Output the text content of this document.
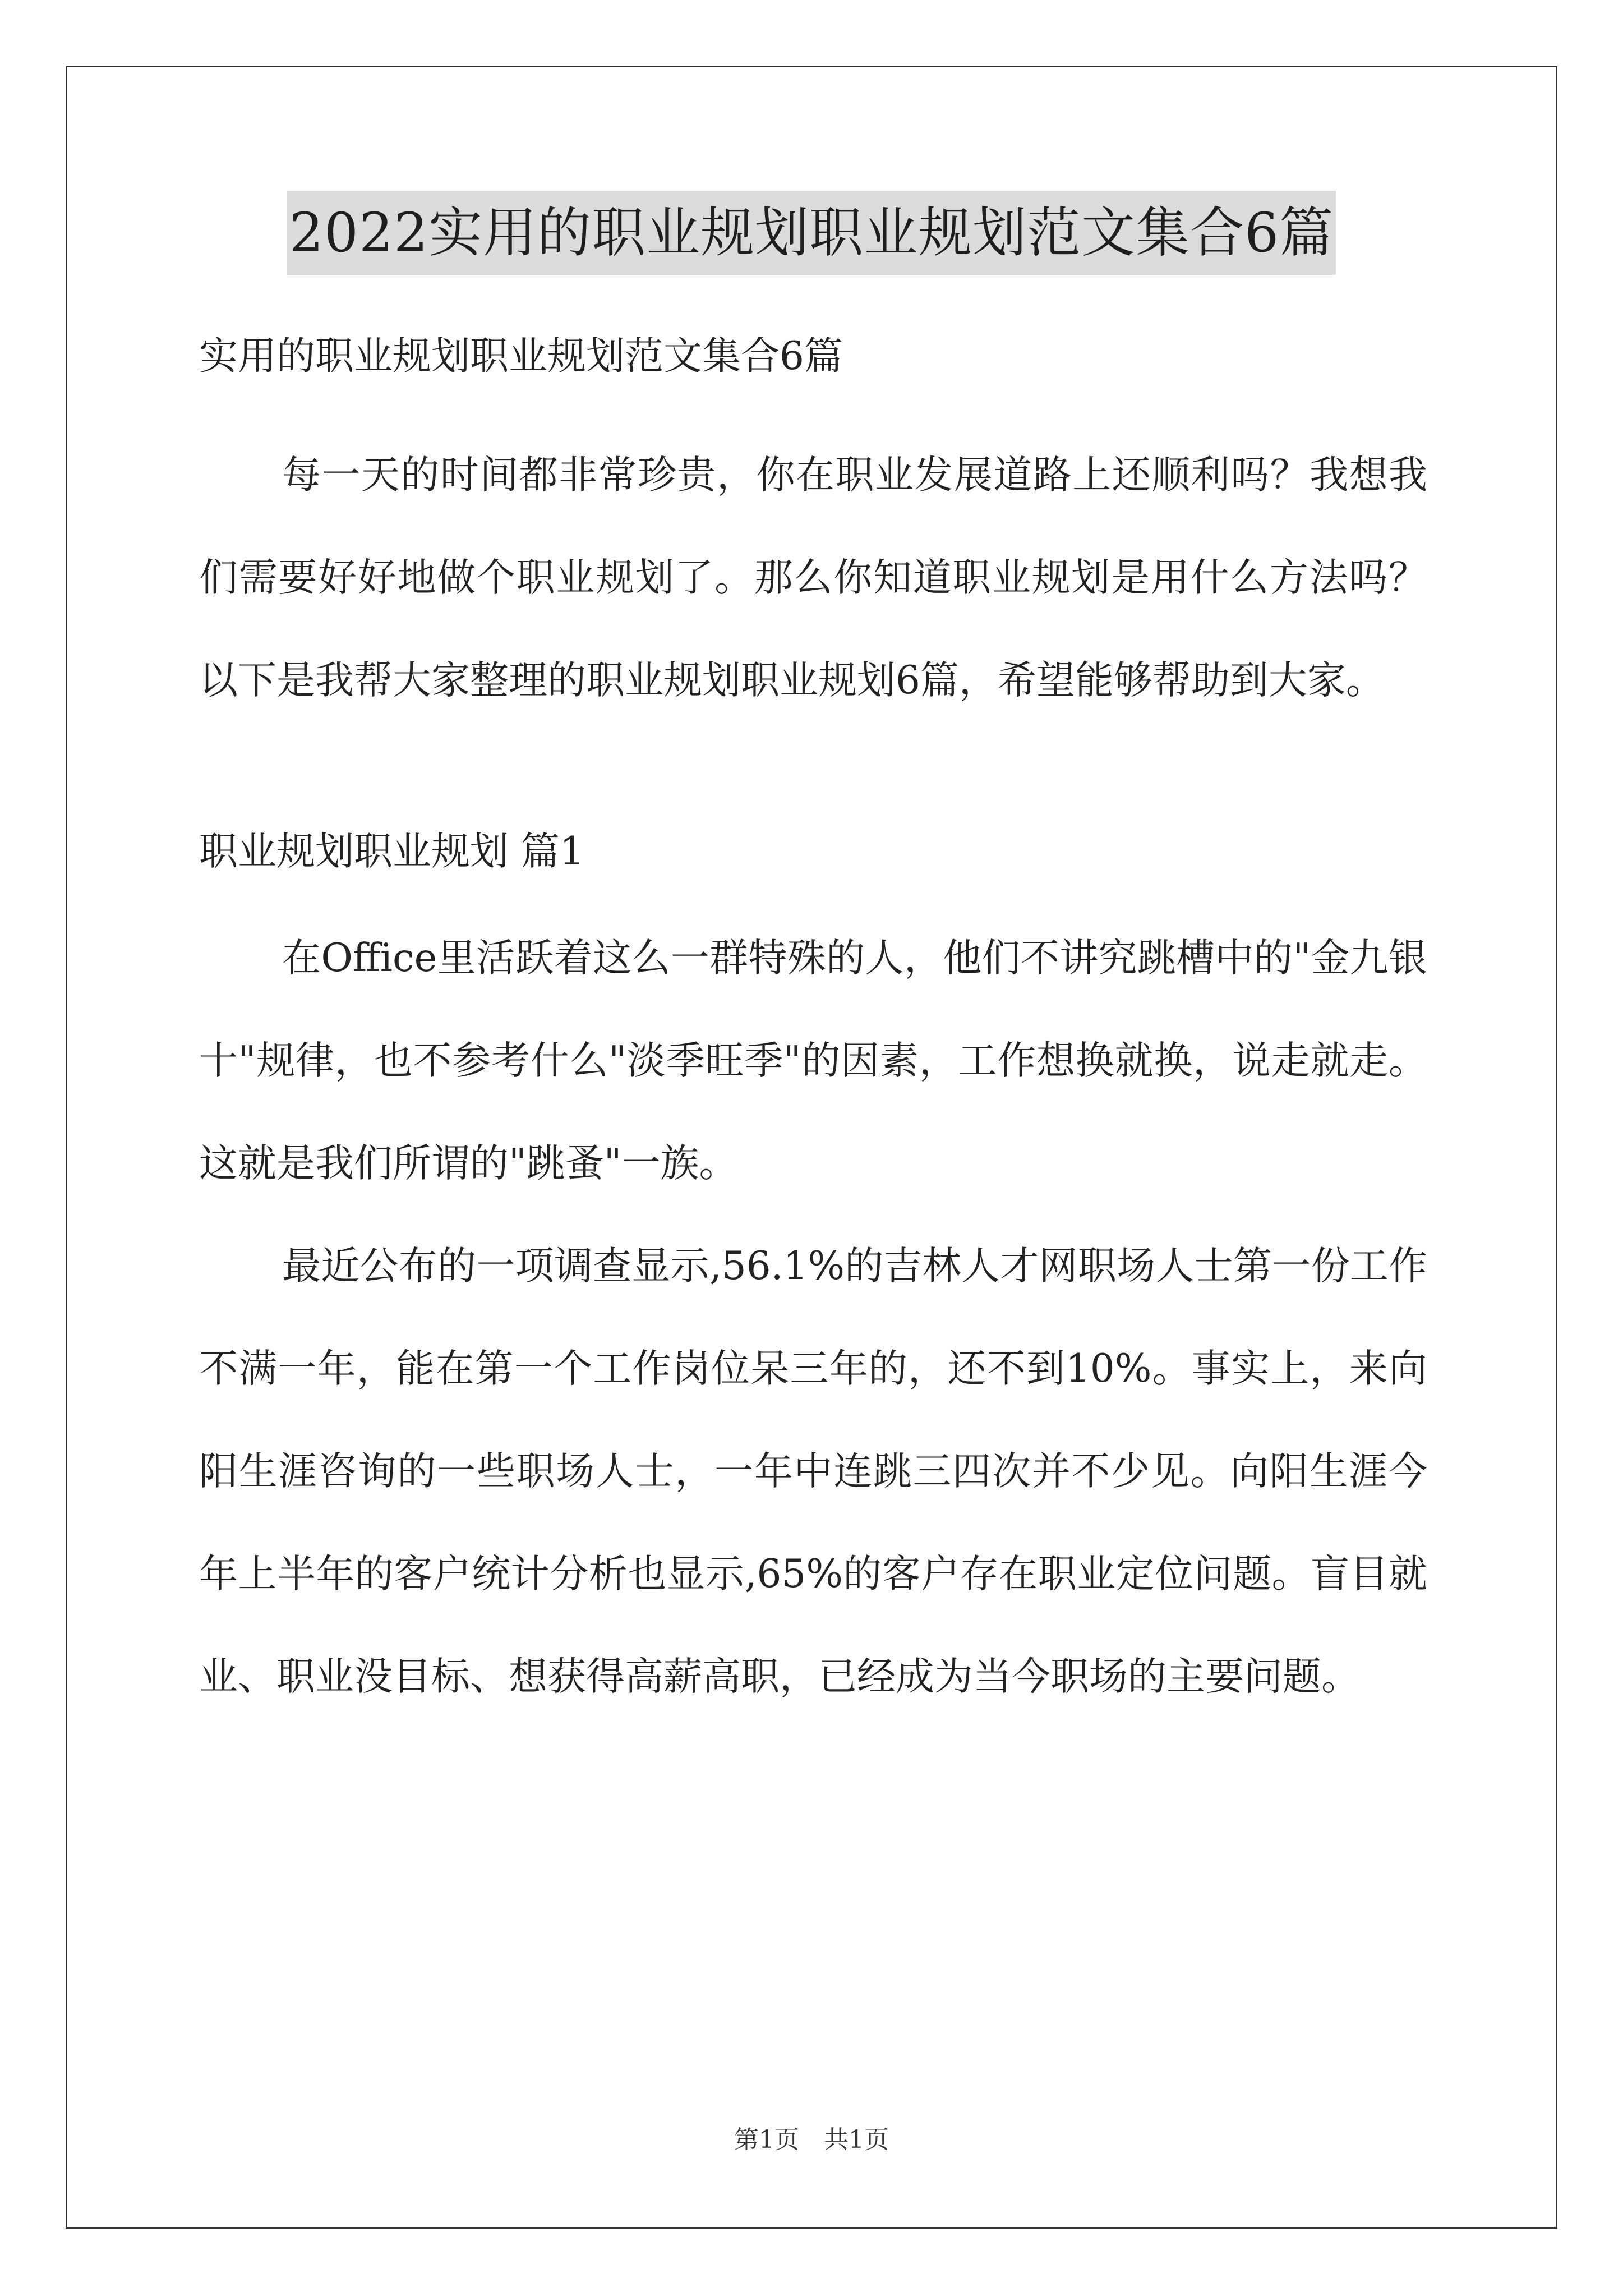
2022实用的职业规划职业规划范文集合6篇

实用的职业规划职业规划范文集合6篇

每一天的时间都非常珍贵，你在职业发展道路上还顺利吗？我想我们需要好好地做个职业规划了。那么你知道职业规划是用什么方法吗？以下是我帮大家整理的职业规划职业规划6篇，希望能够帮助到大家。

职业规划职业规划 篇1

在Office里活跃着这么一群特殊的人，他们不讲究跳槽中的"金九银十"规律，也不参考什么"淡季旺季"的因素，工作想换就换，说走就走。这就是我们所谓的"跳蚤"一族。

最近公布的一项调查显示,56.1%的吉林人才网职场人士第一份工作不满一年，能在第一个工作岗位呆三年的，还不到10%。事实上，来向阳生涯咨询的一些职场人士，一年中连跳三四次并不少见。向阳生涯今年上半年的客户统计分析也显示,65%的客户存在职业定位问题。盲目就业、职业没目标、想获得高薪高职，已经成为当今职场的主要问题。

第1页　共1页
